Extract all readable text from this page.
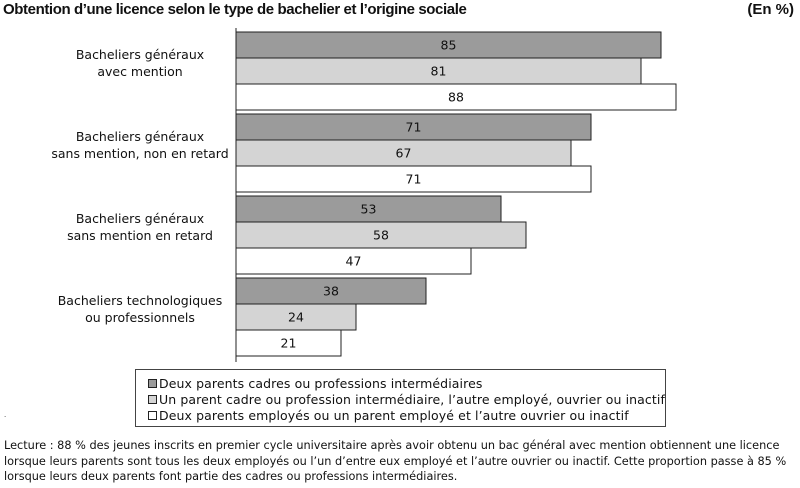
Obtention d’une licence selon le type de bachelier et l’origine sociale	(En %)
Bacheliers généraux
avec mention
85
81
88
Bacheliers généraux
sans mention, non en retard
71
67
71
Bacheliers généraux
sans mention en retard
53
58
47
Bacheliers technologiques
ou professionnels
38
24
21
Deux parents cadres ou professions intermédiaires
Un parent cadre ou profession intermédiaire, l’autre employé, ouvrier ou inactif
Deux parents employés ou un parent employé et l’autre ouvrier ou inactif
.
Lecture : 88 % des jeunes inscrits en premier cycle universitaire après avoir obtenu un bac général avec mention obtiennent une licence lorsque leurs parents sont tous les deux employés ou l’un d’entre eux employé et l’autre ouvrier ou inactif. Cette proportion passe à 85 % lorsque leurs deux parents font partie des cadres ou professions intermédiaires.
